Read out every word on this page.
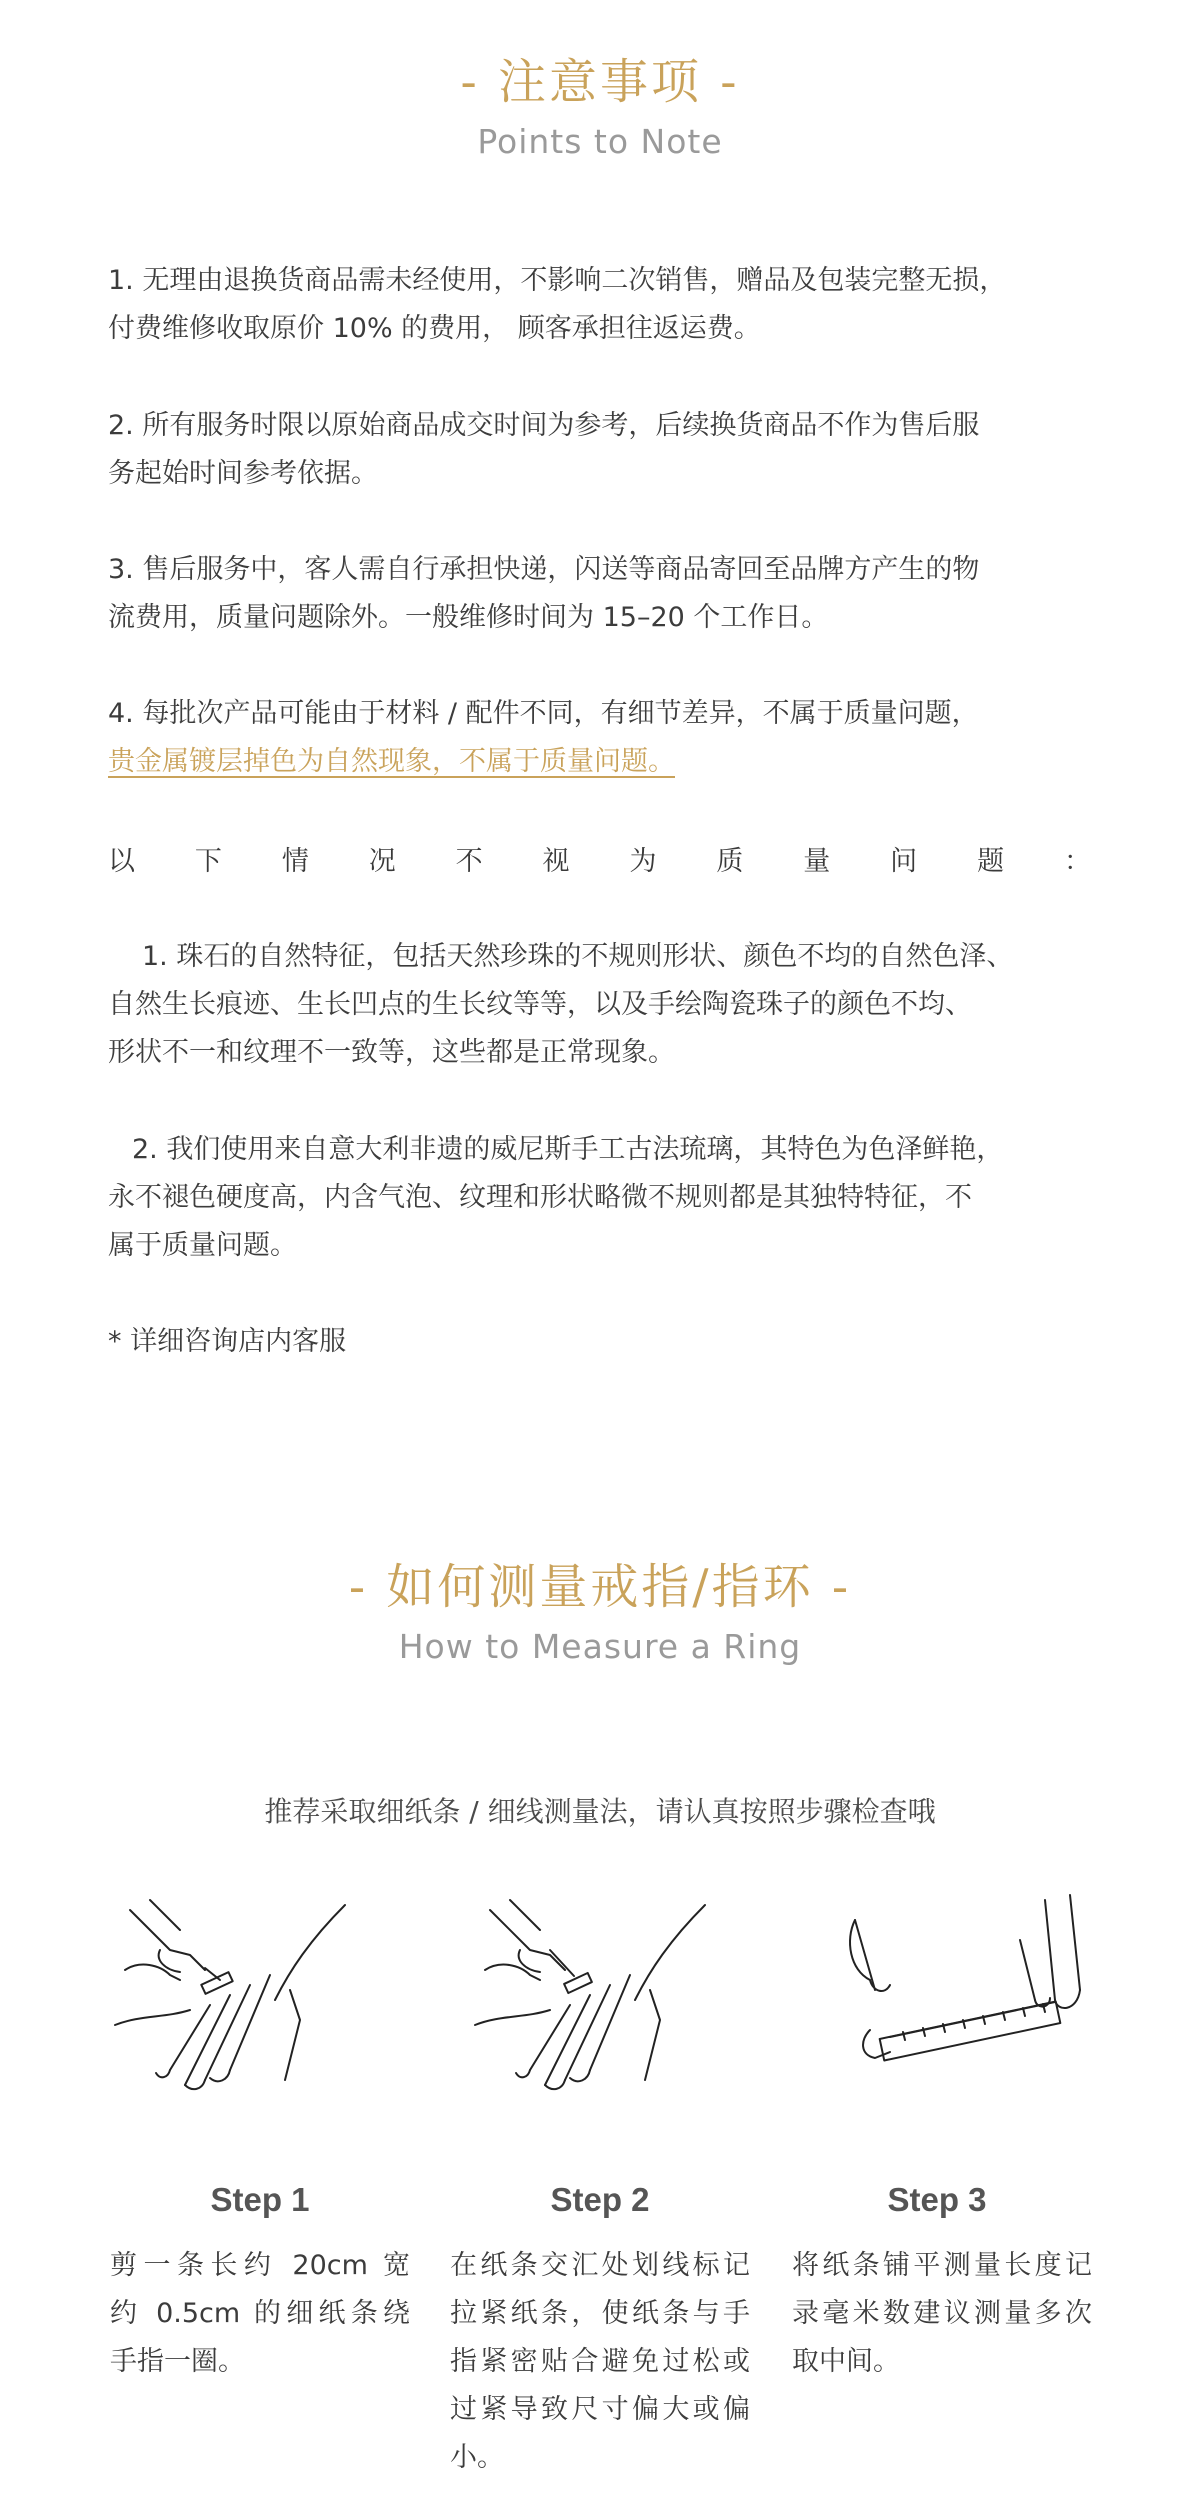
- 注意事项 -
Points to Note

1. 无理由退换货商品需未经使用，不影响二次销售，赠品及包装完整无损，
付费维修收取原价 10% 的费用， 顾客承担往返运费。

2. 所有服务时限以原始商品成交时间为参考，后续换货商品不作为售后服
务起始时间参考依据。

3. 售后服务中，客人需自行承担快递，闪送等商品寄回至品牌方产生的物
流费用，质量问题除外。一般维修时间为 15–20 个工作日。

4. 每批次产品可能由于材料 / 配件不同，有细节差异，不属于质量问题，
贵金属镀层掉色为自然现象，不属于质量问题。

以下情况不视为质量问题：

1. 珠石的自然特征，包括天然珍珠的不规则形状、颜色不均的自然色泽、
自然生长痕迹、生长凹点的生长纹等等，以及手绘陶瓷珠子的颜色不均、
形状不一和纹理不一致等，这些都是正常现象。

2. 我们使用来自意大利非遗的威尼斯手工古法琉璃，其特色为色泽鲜艳，
永不褪色硬度高，内含气泡、纹理和形状略微不规则都是其独特特征，不
属于质量问题。

* 详细咨询店内客服

- 如何测量戒指/指环 -
How to Measure a Ring
推荐采取细纸条 / 细线测量法，请认真按照步骤检查哦
Step 1	Step 2	Step 3
剪一条长约 20cm 宽
约 0.5cm 的细纸条绕
手指一圈。
在纸条交汇处划线标记
拉紧纸条，使纸条与手
指紧密贴合避免过松或
过紧导致尺寸偏大或偏
小。
将纸条铺平测量长度记
录毫米数建议测量多次
取中间。
